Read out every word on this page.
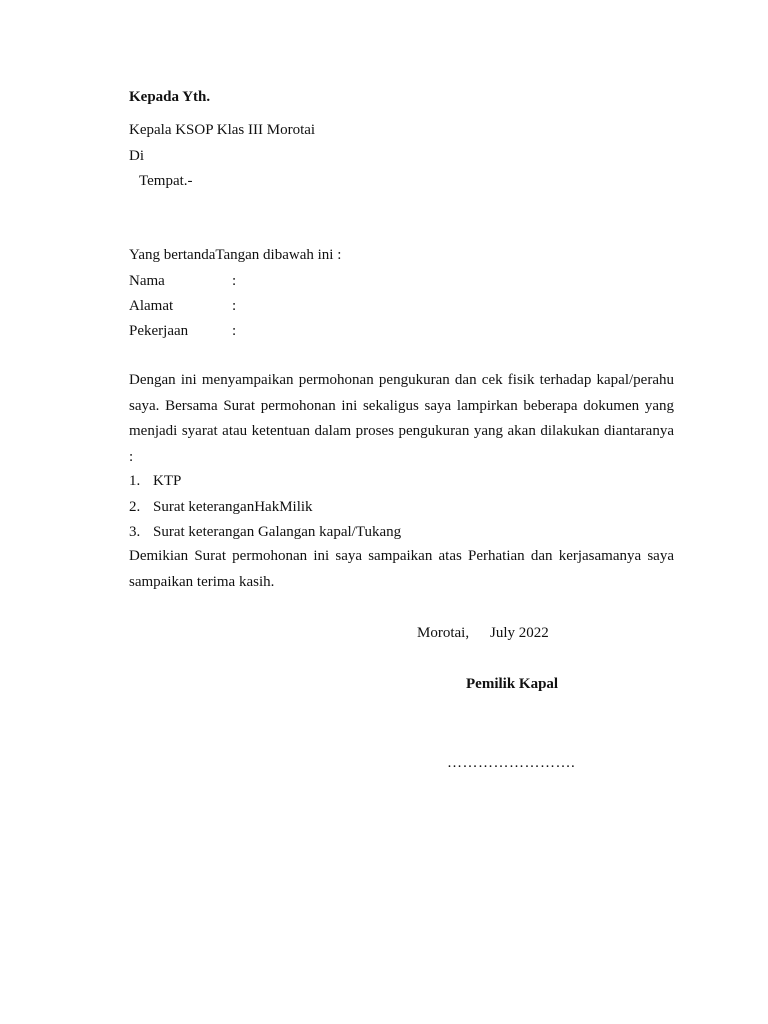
Kepada Yth.
Kepala KSOP Klas III Morotai
Di
Tempat.-
Yang bertandaTangan dibawah ini :
Nama	:
Alamat	:
Pekerjaan	:
Dengan ini menyampaikan permohonan pengukuran dan cek fisik terhadap kapal/perahu saya. Bersama Surat permohonan ini sekaligus saya lampirkan beberapa dokumen yang menjadi syarat atau ketentuan dalam proses pengukuran yang akan dilakukan diantaranya :
1. KTP
2. Surat keteranganHakMilik
3. Surat keterangan Galangan kapal/Tukang
Demikian Surat permohonan ini saya sampaikan atas Perhatian dan kerjasamanya saya sampaikan terima kasih.
Morotai, July 2022
Pemilik Kapal
…………………….
